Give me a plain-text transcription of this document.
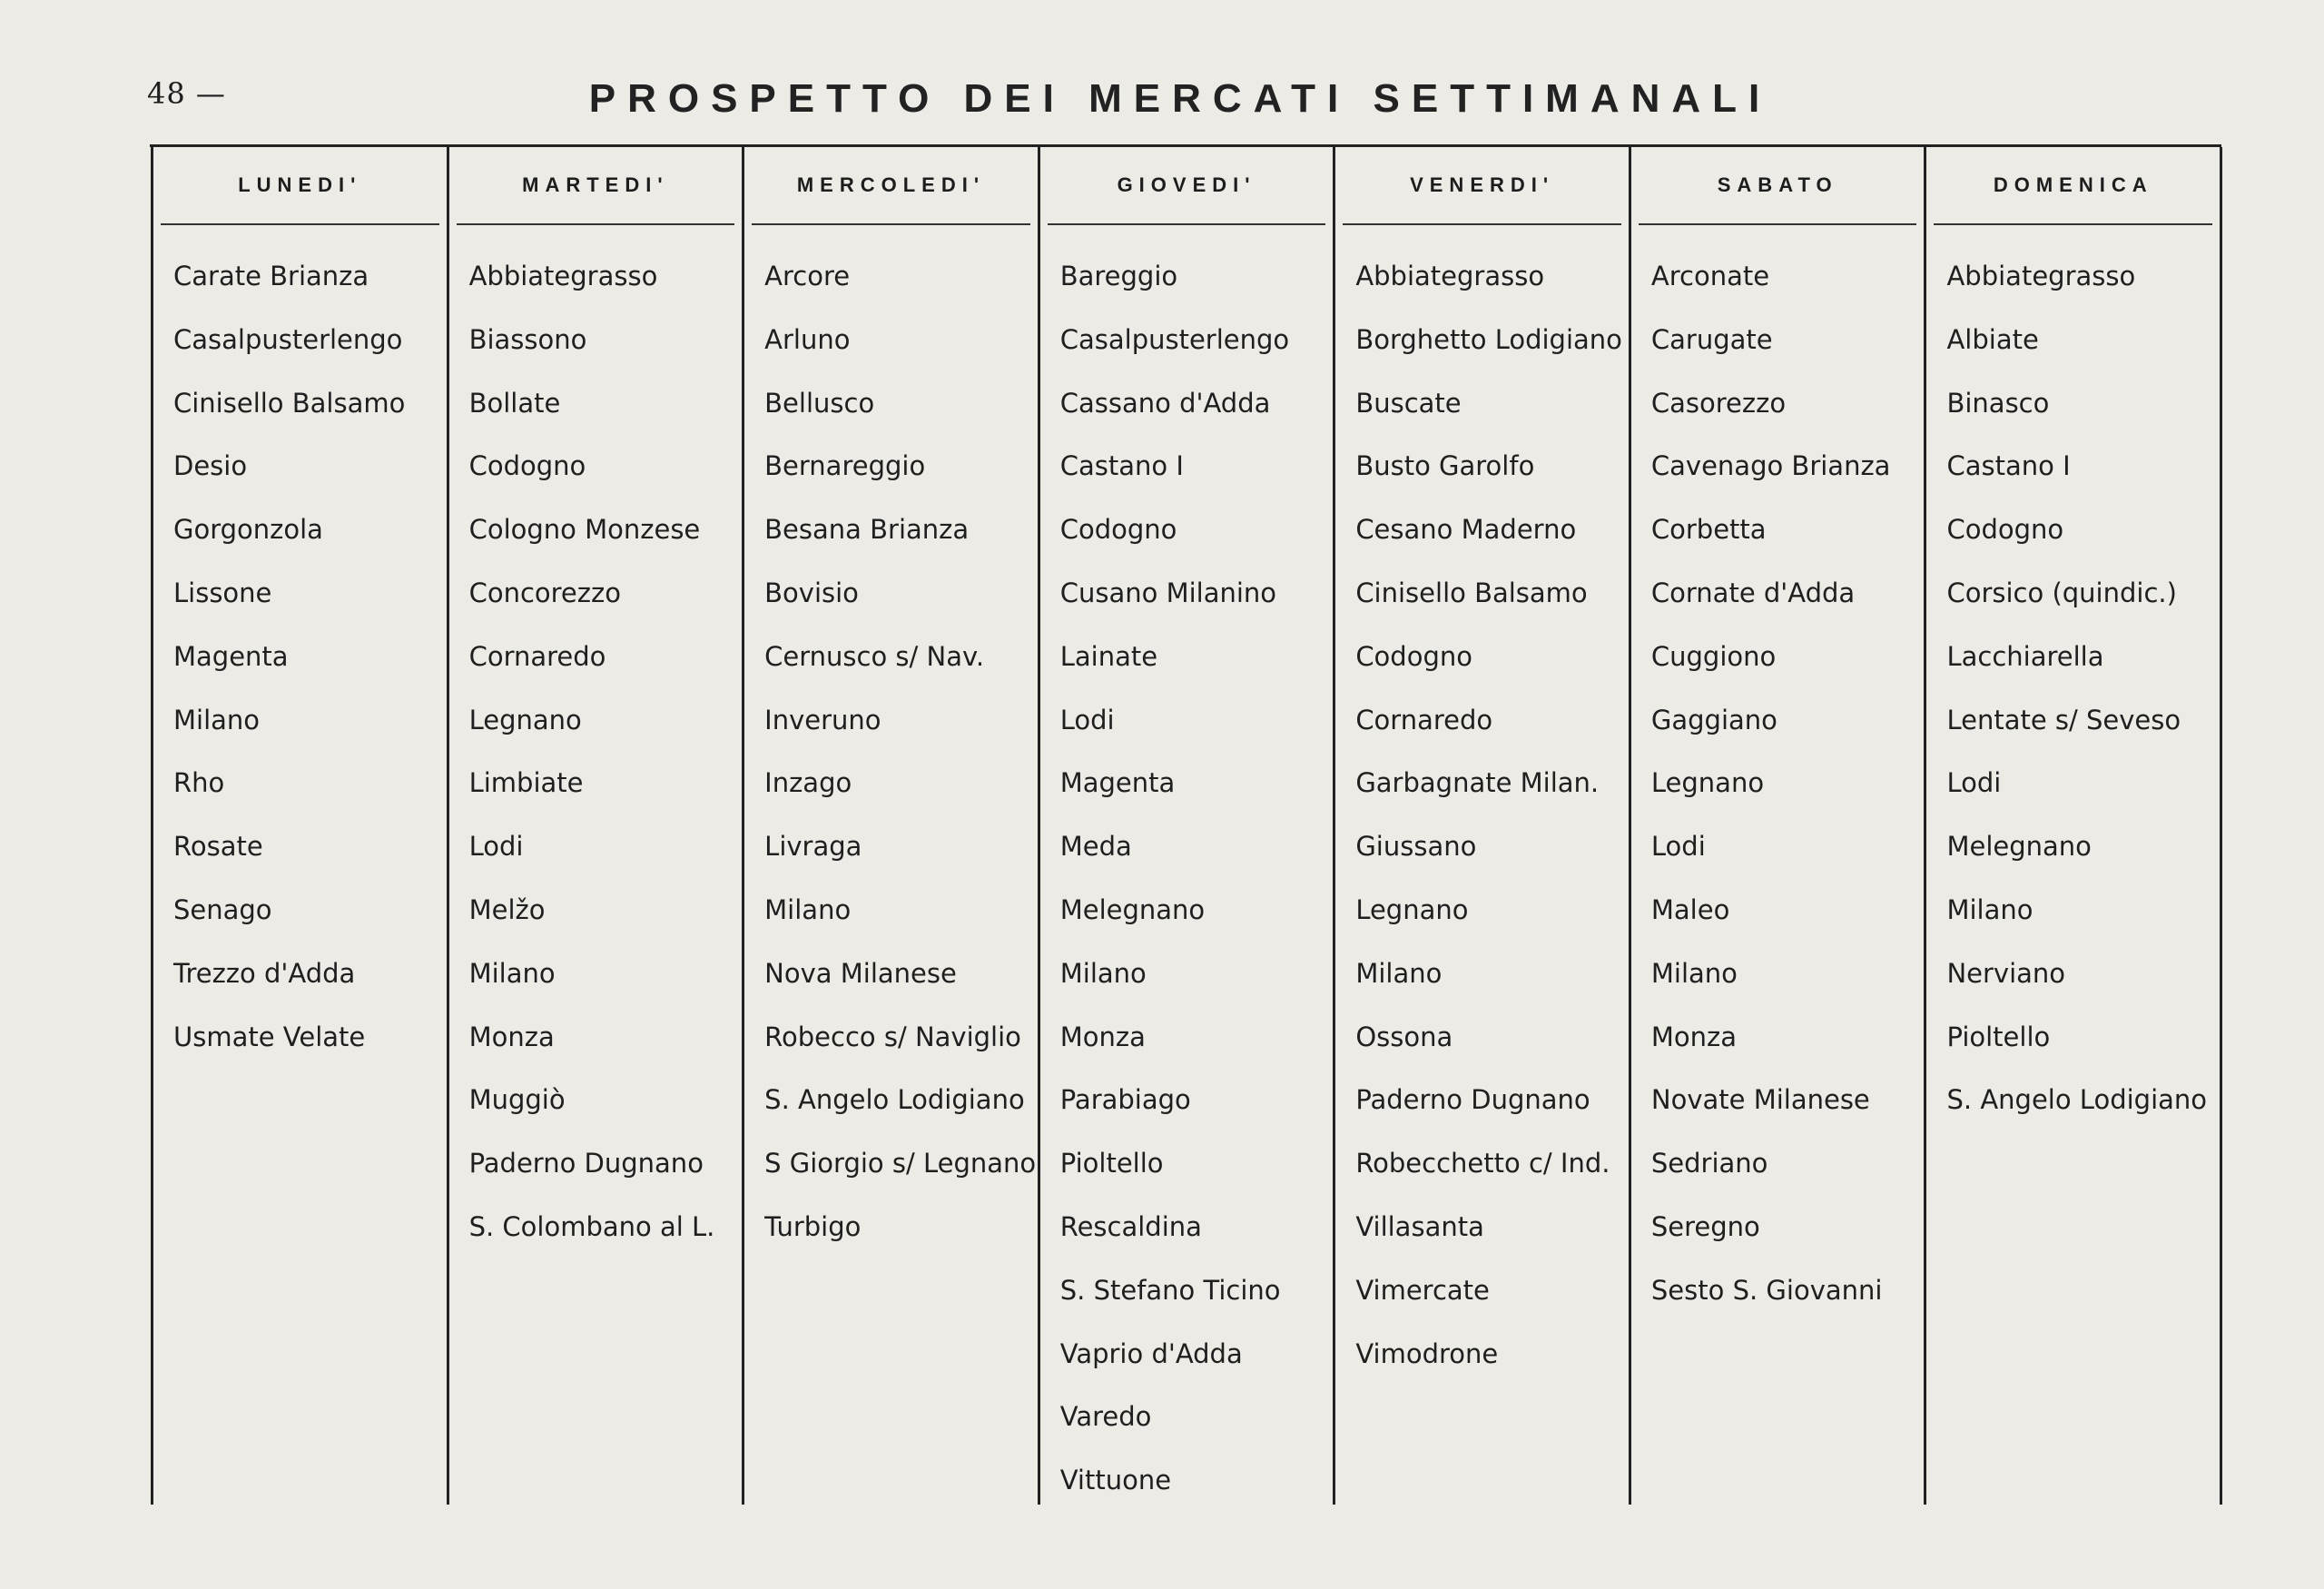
48 —	PROSPETTO DEI MERCATI SETTIMANALI
LUNEDI'
Carate Brianza
Casalpusterlengo
Cinisello Balsamo
Desio
Gorgonzola
Lissone
Magenta
Milano
Rho
Rosate
Senago
Trezzo d'Adda
Usmate Velate
MARTEDI'
Abbiategrasso
Biassono
Bollate
Codogno
Cologno Monzese
Concorezzo
Cornaredo
Legnano
Limbiate
Lodi
Melžo
Milano
Monza
Muggiò
Paderno Dugnano
S. Colombano al L.
MERCOLEDI'
Arcore
Arluno
Bellusco
Bernareggio
Besana Brianza
Bovisio
Cernusco s/ Nav.
Inveruno
Inzago
Livraga
Milano
Nova Milanese
Robecco s/ Naviglio
S. Angelo Lodigiano
S Giorgio s/ Legnano
Turbigo
GIOVEDI'
Bareggio
Casalpusterlengo
Cassano d'Adda
Castano I
Codogno
Cusano Milanino
Lainate
Lodi
Magenta
Meda
Melegnano
Milano
Monza
Parabiago
Pioltello
Rescaldina
S. Stefano Ticino
Vaprio d'Adda
Varedo
Vittuone
VENERDI'
Abbiategrasso
Borghetto Lodigiano
Buscate
Busto Garolfo
Cesano Maderno
Cinisello Balsamo
Codogno
Cornaredo
Garbagnate Milan.
Giussano
Legnano
Milano
Ossona
Paderno Dugnano
Robecchetto c/ Ind.
Villasanta
Vimercate
Vimodrone
SABATO
Arconate
Carugate
Casorezzo
Cavenago Brianza
Corbetta
Cornate d'Adda
Cuggiono
Gaggiano
Legnano
Lodi
Maleo
Milano
Monza
Novate Milanese
Sedriano
Seregno
Sesto S. Giovanni
DOMENICA
Abbiategrasso
Albiate
Binasco
Castano I
Codogno
Corsico (quindic.)
Lacchiarella
Lentate s/ Seveso
Lodi
Melegnano
Milano
Nerviano
Pioltello
S. Angelo Lodigiano
